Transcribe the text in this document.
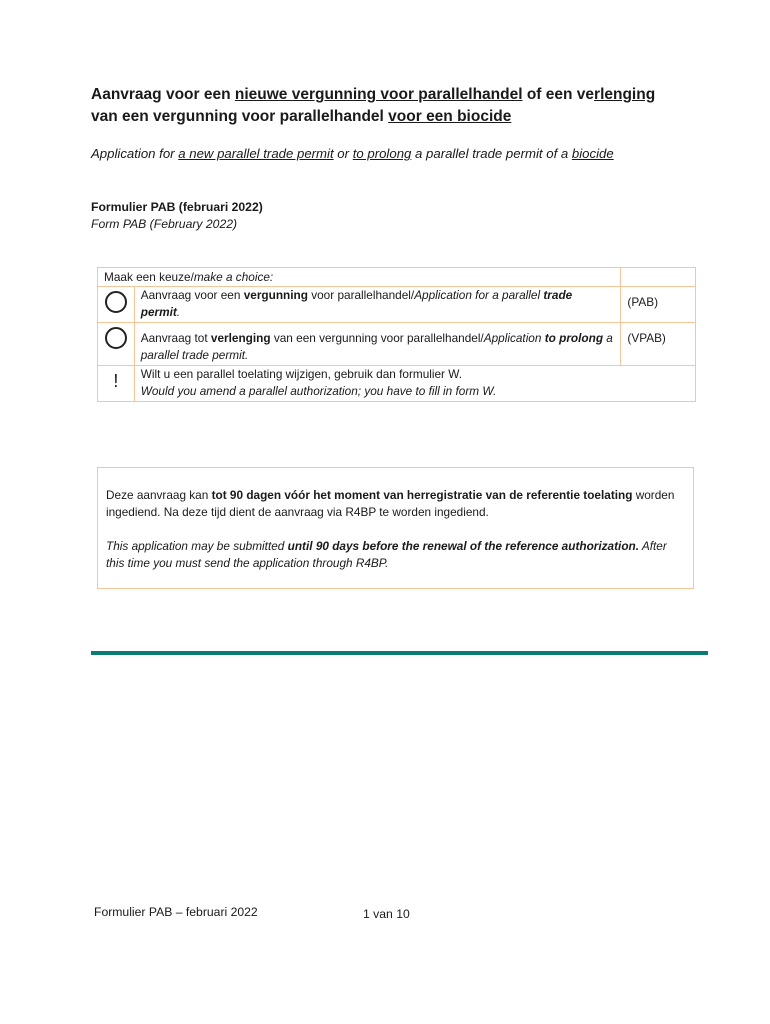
Aanvraag voor een nieuwe vergunning voor parallelhandel of een verlenging
van een vergunning voor parallelhandel voor een biocide
Application for a new parallel trade permit or to prolong a parallel trade permit of a biocide
Formulier PAB (februari 2022)
Form PAB (February 2022)
Maak een keuze/make a choice:		
	Aanvraag voor een vergunning voor parallelhandel/Application for a parallel trade permit.	(PAB)
	Aanvraag tot verlenging van een vergunning voor parallelhandel/Application to prolong a parallel trade permit.	(VPAB)
!	Wilt u een parallel toelating wijzigen, gebruik dan formulier W.
Would you amend a parallel authorization; you have to fill in form W.	

Deze aanvraag kan tot 90 dagen vóór het moment van herregistratie van de referentie toelating worden ingediend. Na deze tijd dient de aanvraag via R4BP te worden ingediend.

This application may be submitted until 90 days before the renewal of the reference authorization. After this time you must send the application through R4BP.

Formulier PAB – februari 2022	1 van 10
